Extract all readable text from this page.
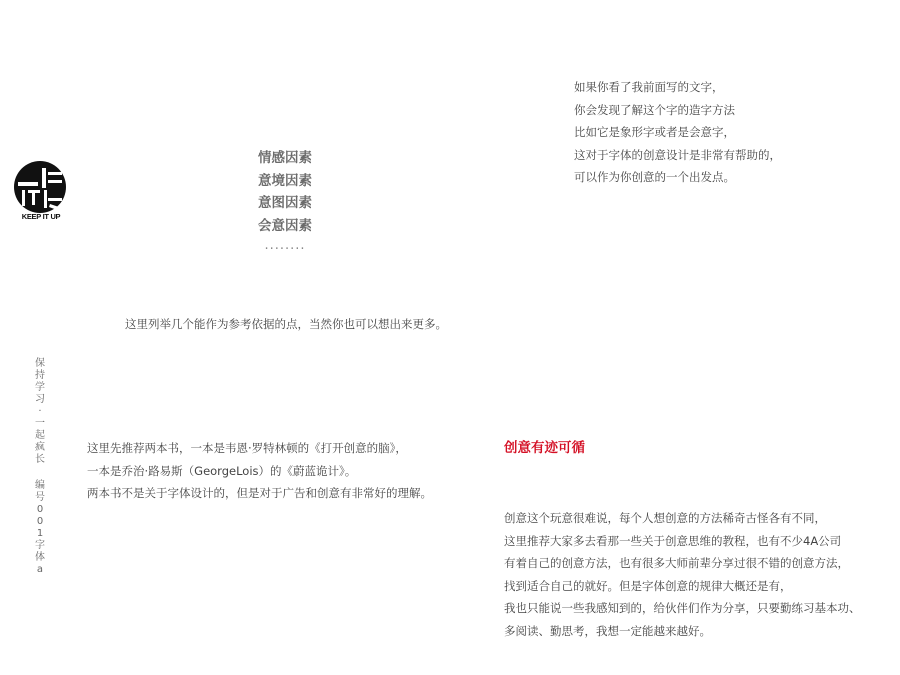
KEEP IT UP
保
持
学
习
·
一
起
疯
长
编
号
0
0
1
字
体
a
情感因素
意境因素
意图因素
会意因素
........
如果你看了我前面写的文字，
你会发现了解这个字的造字方法
比如它是象形字或者是会意字，
这对于字体的创意设计是非常有帮助的，
可以作为你创意的一个出发点。
这里列举几个能作为参考依据的点，当然你也可以想出来更多。
这里先推荐两本书，一本是韦恩·罗特林顿的《打开创意的脑》，
一本是乔治·路易斯（GeorgeLois）的《蔚蓝诡计》。
两本书不是关于字体设计的，但是对于广告和创意有非常好的理解。
创意有迹可循
创意这个玩意很难说，每个人想创意的方法稀奇古怪各有不同，
这里推荐大家多去看那一些关于创意思维的教程，也有不少4A公司
有着自己的创意方法，也有很多大师前辈分享过很不错的创意方法，
找到适合自己的就好。但是字体创意的规律大概还是有，
我也只能说一些我感知到的，给伙伴们作为分享，只要勤练习基本功、
多阅读、勤思考，我想一定能越来越好。
